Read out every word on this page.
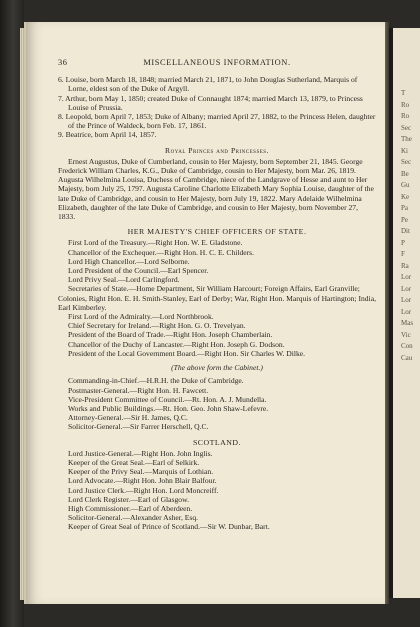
36	MISCELLANEOUS INFORMATION.

6. Louise, born March 18, 1848; married March 21, 1871, to John Douglas Sutherland, Marquis of Lorne, eldest son of the Duke of Argyll.

7. Arthur, born May 1, 1850; created Duke of Connaught 1874; married March 13, 1879, to Princess Louise of Prussia.

8. Leopold, born April 7, 1853; Duke of Albany; married April 27, 1882, to the Princess Helen, daughter of the Prince of Waldeck, born Feb. 17, 1861.

9. Beatrice, born April 14, 1857.

Royal Princes and Princesses.

Ernest Augustus, Duke of Cumberland, cousin to Her Majesty, born September 21, 1845. George Frederick William Charles, K.G., Duke of Cambridge, cousin to Her Majesty, born Mar. 26, 1819. Augusta Wilhelmina Louisa, Duchess of Cambridge, niece of the Landgrave of Hesse and aunt to Her Majesty, born July 25, 1797. Augusta Caroline Charlotte Elizabeth Mary Sophia Louise, daughter of the late Duke of Cambridge, and cousin to Her Majesty, born July 19, 1822. Mary Adelaide Wilhelmina Elizabeth, daughter of the late Duke of Cambridge, and cousin to Her Majesty, born November 27, 1833.

HER MAJESTY'S CHIEF OFFICERS OF STATE.

First Lord of the Treasury.—Right Hon. W. E. Gladstone.

Chancellor of the Exchequer.—Right Hon. H. C. E. Childers.

Lord High Chancellor.—Lord Selborne.

Lord President of the Council.—Earl Spencer.

Lord Privy Seal.—Lord Carlingford.

Secretaries of State.—Home Department, Sir William Harcourt; Foreign Affairs, Earl Granville; Colonies, Right Hon. E. H. Smith-Stanley, Earl of Derby; War, Right Hon. Marquis of Hartington; India, Earl Kimberley.

First Lord of the Admiralty.—Lord Northbrook.

Chief Secretary for Ireland.—Right Hon. G. O. Trevelyan.

President of the Board of Trade.—Right Hon. Joseph Chamberlain.

Chancellor of the Duchy of Lancaster.—Right Hon. Joseph G. Dodson.

President of the Local Government Board.—Right Hon. Sir Charles W. Dilke.

(The above form the Cabinet.)

Commanding-in-Chief.—H.R.H. the Duke of Cambridge.

Postmaster-General.—Right Hon. H. Fawcett.

Vice-President Committee of Council.—Rt. Hon. A. J. Mundella.

Works and Public Buildings.—Rt. Hon. Geo. John Shaw-Lefevre.

Attorney-General.—Sir H. James, Q.C.

Solicitor-General.—Sir Farrer Herschell, Q.C.

SCOTLAND.

Lord Justice-General.—Right Hon. John Inglis.

Keeper of the Great Seal.—Earl of Selkirk.

Keeper of the Privy Seal.—Marquis of Lothian.

Lord Advocate.—Right Hon. John Blair Balfour.

Lord Justice Clerk.—Right Hon. Lord Moncreiff.

Lord Clerk Register.—Earl of Glasgow.

High Commissioner.—Earl of Aberdeen.

Solicitor-General.—Alexander Asher, Esq.

Keeper of Great Seal of Prince of Scotland.—Sir W. Dunbar, Bart.

T
Ro
Ro
Sec
The
Ki
Sec
Be
Gu
Ke
Pa
Pe
Dit
P
F
Ra
Lor
Lor
Lor
Lor
Mas
Vic
Con
Cau
